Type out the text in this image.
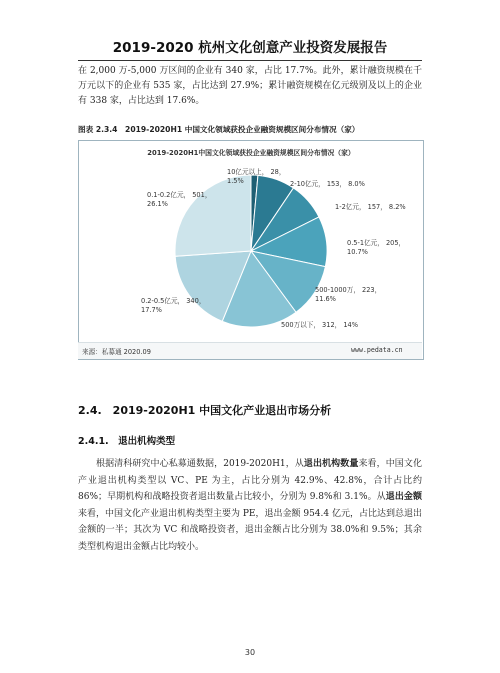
2019-2020 杭州文化创意产业投资发展报告
在 2,000 万-5,000 万区间的企业有 340 家，占比 17.7%。此外，累计融资规模在千万元以下的企业有 535 家，占比达到 27.9%；累计融资规模在亿元级别及以上的企业有 338 家，占比达到 17.6%。
图表 2.3.4　2019-2020H1 中国文化领域获投企业融资规模区间分布情况（家）
2019-2020H1中国文化领域获投企业融资规模区间分布情况（家）
10亿元以上， 28，
1.5%	2-10亿元， 153， 8.0%
1-2亿元， 157， 8.2%
0.5-1亿元， 205，
10.7%
500-1000万， 223，
11.6%
500万以下， 312， 14%
0.2-0.5亿元， 340，
17.7%
0.1-0.2亿元， 501，
26.1%
来源：私募通 2020.09	www.pedata.cn
2.4.　2019-2020H1 中国文化产业退出市场分析
2.4.1.　退出机构类型
根据清科研究中心私募通数据，2019-2020H1，从退出机构数量来看，中国文化产业退出机构类型以 VC、PE 为主，占比分别为 42.9%、42.8%，合计占比约 86%；早期机构和战略投资者退出数量占比较小，分别为 9.8%和 3.1%。从退出金额来看，中国文化产业退出机构类型主要为 PE，退出金额 954.4 亿元，占比达到总退出金额的一半；其次为 VC 和战略投资者，退出金额占比分别为 38.0%和 9.5%；其余类型机构退出金额占比均较小。
30
